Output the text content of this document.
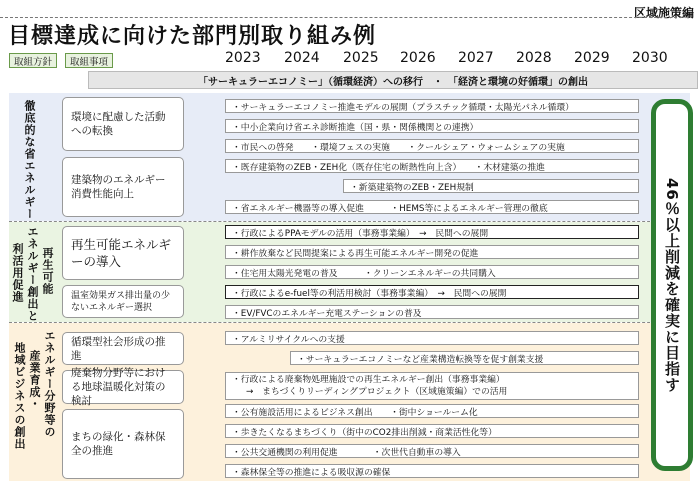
区域施策編
目標達成に向けた部門別取り組み例
取組方針	取組事項	2023 2024 2025 2026 2027 2028 2029 2030
「サーキュラーエコノミー」（循環経済）への移行　・　「経済と環境の好循環」の創出
徹底的な省エネルギー
再生可能
エネルギー創出と
利活用促進
エネルギー分野等の
産業育成・
地域ビジネスの創出
環境に配慮した活動への転換
建築物のエネルギー消費性能向上
・サーキュラーエコノミー推進モデルの展開（プラスチック循環・太陽光パネル循環）
・中小企業向け省エネ診断推進（国・県・関係機関との連携）
・市民への啓発　　・環境フェスの実施　　・クールシェア・ウォームシェアの実施
・既存建築物のZEB・ZEH化（既存住宅の断熱性向上含）　　・木材建築の推進
・新築建築物のZEB・ZEH規制
・省エネルギー機器等の導入促進　　　・HEMS等によるエネルギー管理の徹底
再生可能エネルギーの導入
温室効果ガス排出量の少ないエネルギー選択
・行政によるPPAモデルの活用（事務事業編）　→　民間への展開
・耕作放棄など民間提案による再生可能エネルギー開発の促進
・住宅用太陽光発電の普及　　　・クリーンエネルギーの共同購入
・行政によるe-fuel等の利活用検討（事務事業編）　→　民間への展開
・EV/FVCのエネルギー充電ステーションの普及
循環型社会形成の推進
廃棄物分野等における地球温暖化対策の検討
まちの緑化・森林保全の推進
・アルミリサイクルへの支援
・サーキュラーエコノミーなど産業構造転換等を促す創業支援
・行政による廃棄物処理施設での再生エネルギー創出（事務事業編）
→　まちづくりリーディングプロジェクト（区域施策編）での活用
・公有施設活用によるビジネス創出　　・街中ショールーム化
・歩きたくなるまちづくり（街中のCO2排出削減・商業活性化等）
・公共交通機関の利用促進　　　　・次世代自動車の導入
・森林保全等の推進による吸収源の確保
46％以上削減を確実に目指す
